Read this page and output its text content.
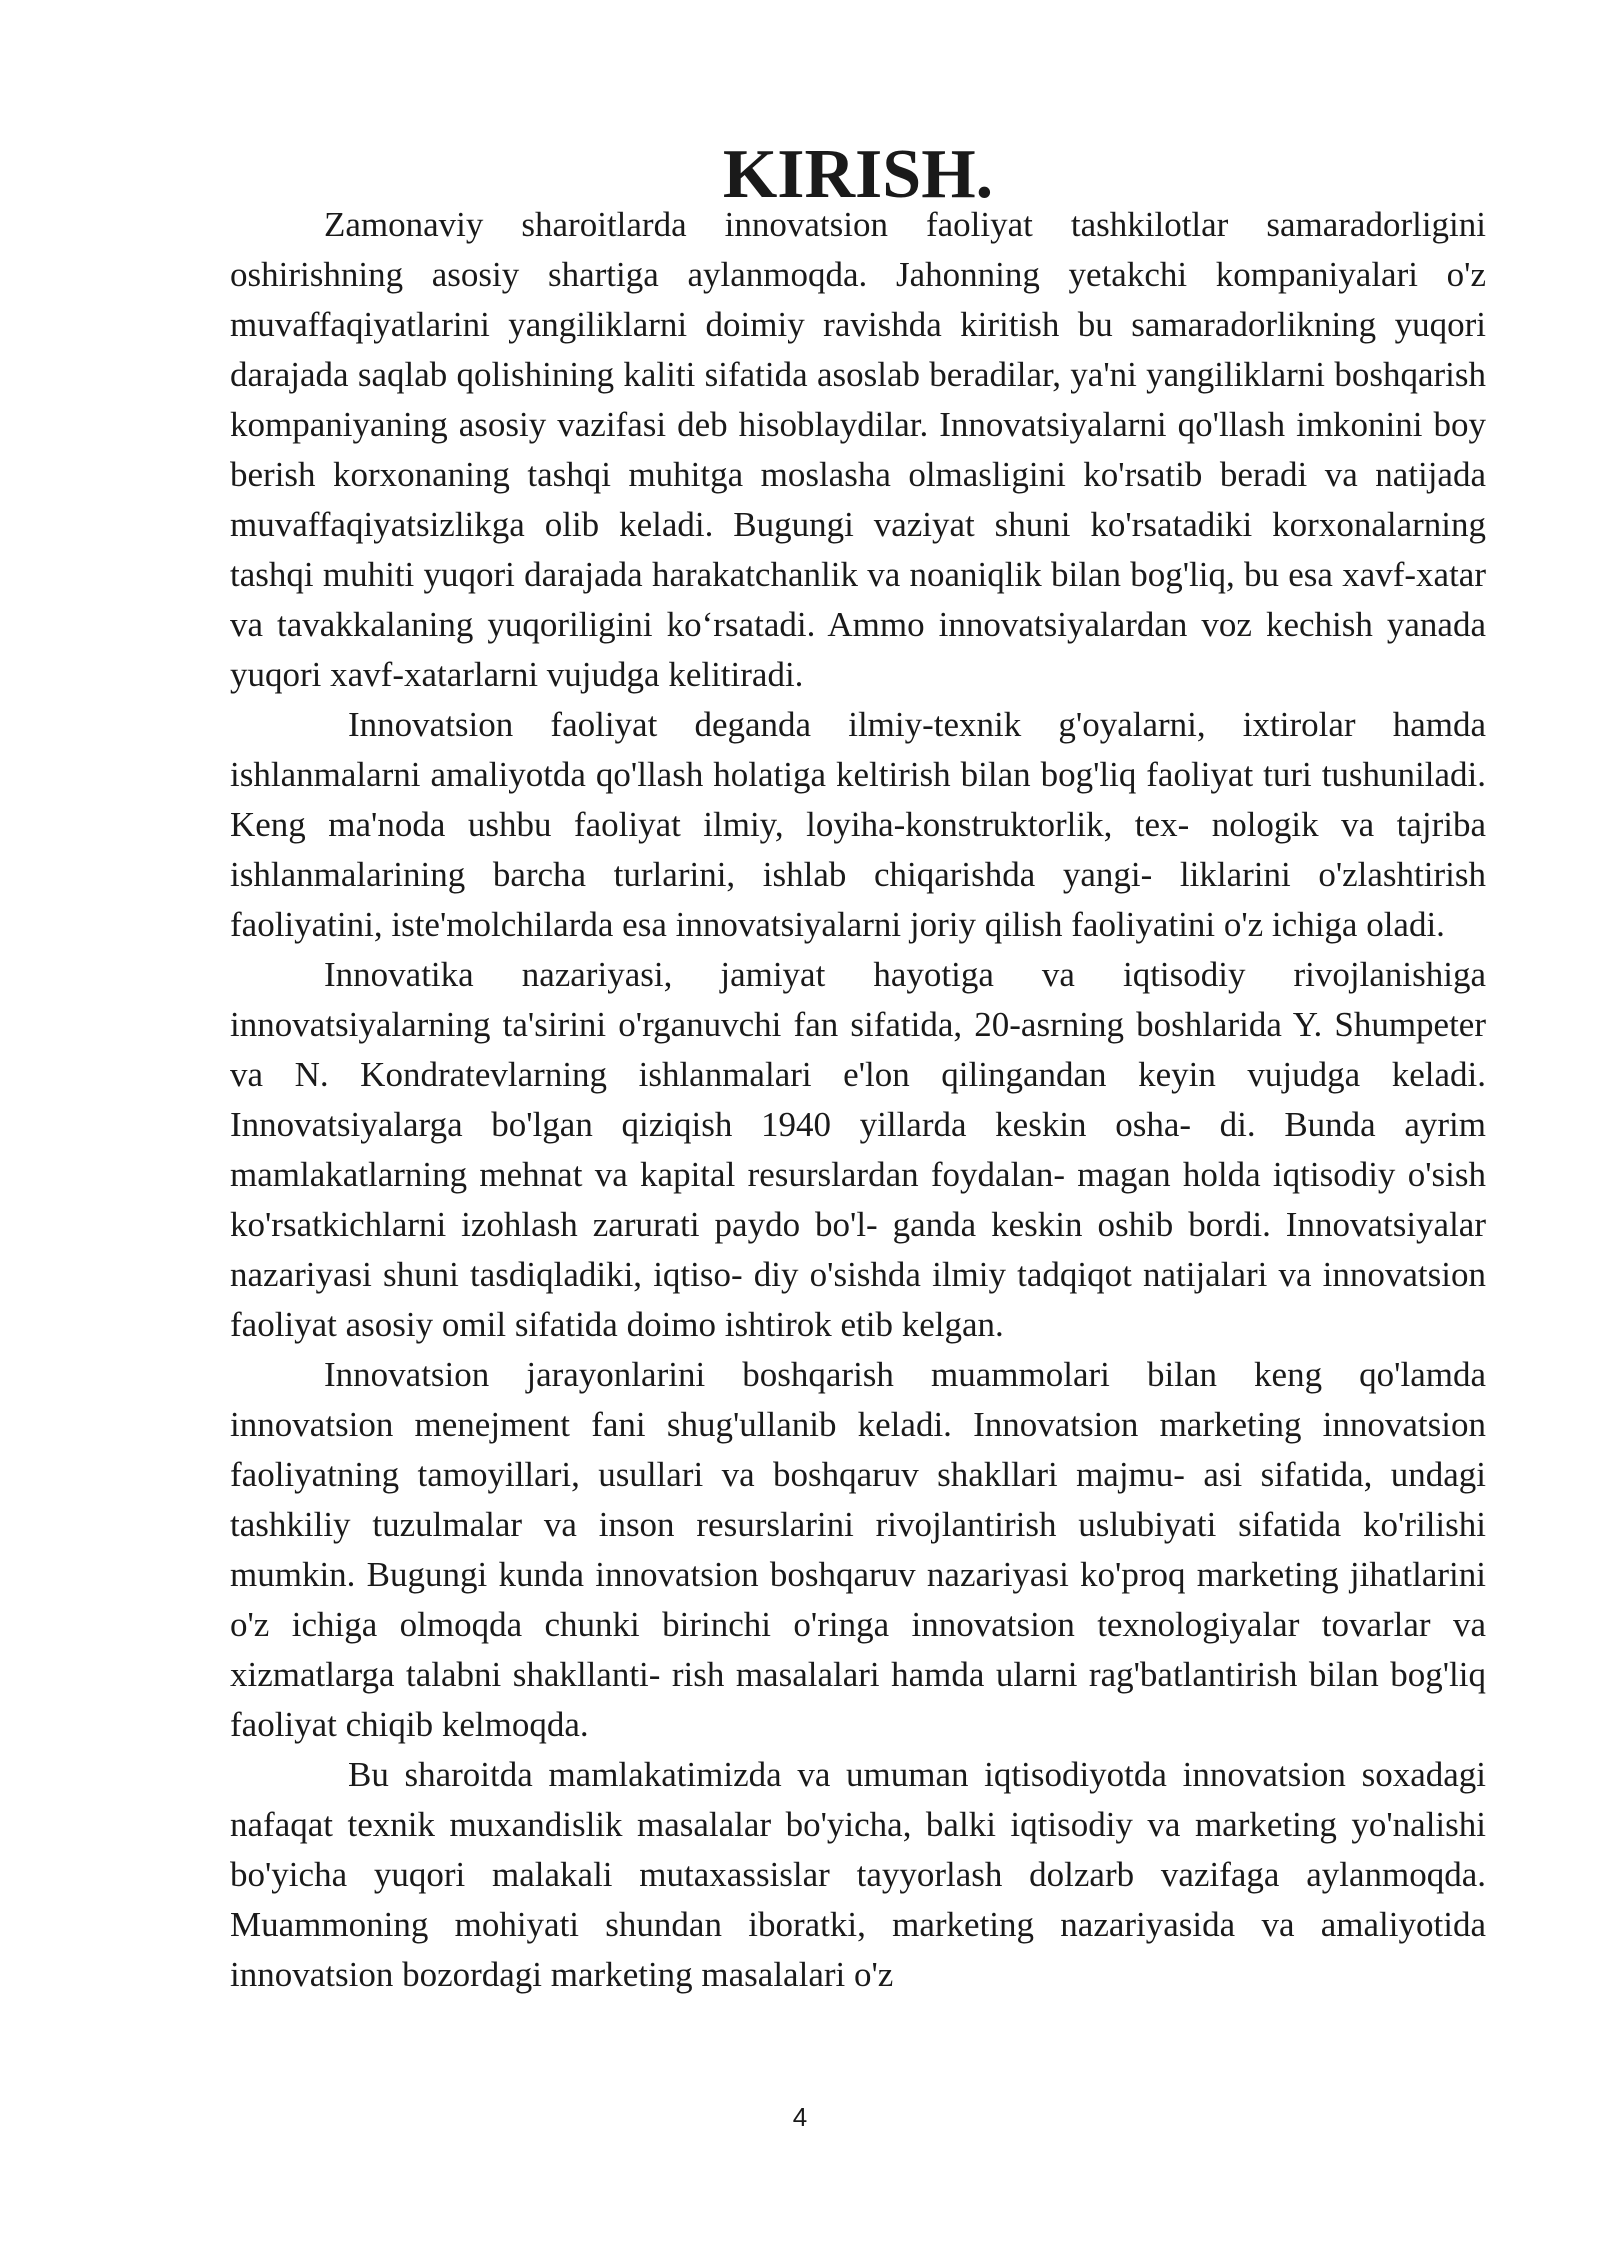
KIRISH.

Zamonaviy sharoitlarda innovatsion faoliyat tashkilotlar samaradorligini oshirishning asosiy shartiga aylanmoqda. Jahonning yetakchi kompaniyalari o'z muvaffaqiyatlarini yangiliklarni doimiy ravishda kiritish bu samaradorlikning yuqori darajada saqlab qolishining kaliti sifatida asoslab beradilar, ya'ni yangiliklarni boshqarish kompaniyaning asosiy vazifasi deb hisoblaydilar. Innovatsiyalarni qo'llash imkonini boy berish korxonaning tashqi muhitga moslasha olmasligini ko'rsatib beradi va natijada muvaffaqiyatsizlikga olib keladi. Bugungi vaziyat shuni ko'rsatadiki korxonalarning tashqi muhiti yuqori darajada harakatchanlik va noaniqlik bilan bog'liq, bu esa xavf-xatar va tavakkalaning yuqoriligini ko‘rsatadi. Ammo innovatsiyalardan voz kechish yanada yuqori xavf-xatarlarni vujudga kelitiradi.

Innovatsion faoliyat deganda ilmiy-texnik g'oyalarni, ixtirolar hamda ishlanmalarni amaliyotda qo'llash holatiga keltirish bilan bog'liq faoliyat turi tushuniladi. Keng ma'noda ushbu faoliyat ilmiy, loyiha-konstruktorlik, tex- nologik va tajriba ishlanmalarining barcha turlarini, ishlab chiqarishda yangi- liklarini o'zlashtirish faoliyatini, iste'molchilarda esa innovatsiyalarni joriy qilish faoliyatini o'z ichiga oladi.

Innovatika nazariyasi, jamiyat hayotiga va iqtisodiy rivojlanishiga innovatsiyalarning ta'sirini o'rganuvchi fan sifatida, 20-asrning boshlarida Y. Shumpeter va N. Kondratevlarning ishlanmalari e'lon qilingandan keyin vujudga keladi. Innovatsiyalarga bo'lgan qiziqish 1940 yillarda keskin osha- di. Bunda ayrim mamlakatlarning mehnat va kapital resurslardan foydalan- magan holda iqtisodiy o'sish ko'rsatkichlarni izohlash zarurati paydo bo'l- ganda keskin oshib bordi. Innovatsiyalar nazariyasi shuni tasdiqladiki, iqtiso- diy o'sishda ilmiy tadqiqot natijalari va innovatsion faoliyat asosiy omil sifatida doimo ishtirok etib kelgan.

Innovatsion jarayonlarini boshqarish muammolari bilan keng qo'lamda innovatsion menejment fani shug'ullanib keladi. Innovatsion marketing innovatsion faoliyatning tamoyillari, usullari va boshqaruv shakllari majmu- asi sifatida, undagi tashkiliy tuzulmalar va inson resurslarini rivojlantirish uslubiyati sifatida ko'rilishi mumkin. Bugungi kunda innovatsion boshqaruv nazariyasi ko'proq marketing jihatlarini o'z ichiga olmoqda chunki birinchi o'ringa innovatsion texnologiyalar tovarlar va xizmatlarga talabni shakllanti- rish masalalari hamda ularni rag'batlantirish bilan bog'liq faoliyat chiqib kelmoqda.

Bu sharoitda mamlakatimizda va umuman iqtisodiyotda innovatsion soxadagi nafaqat texnik muxandislik masalalar bo'yicha, balki iqtisodiy va marketing yo'nalishi bo'yicha yuqori malakali mutaxassislar tayyorlash dolzarb vazifaga aylanmoqda. Muammoning mohiyati shundan iboratki, marketing nazariyasida va amaliyotida innovatsion bozordagi marketing masalalari o'z

4
